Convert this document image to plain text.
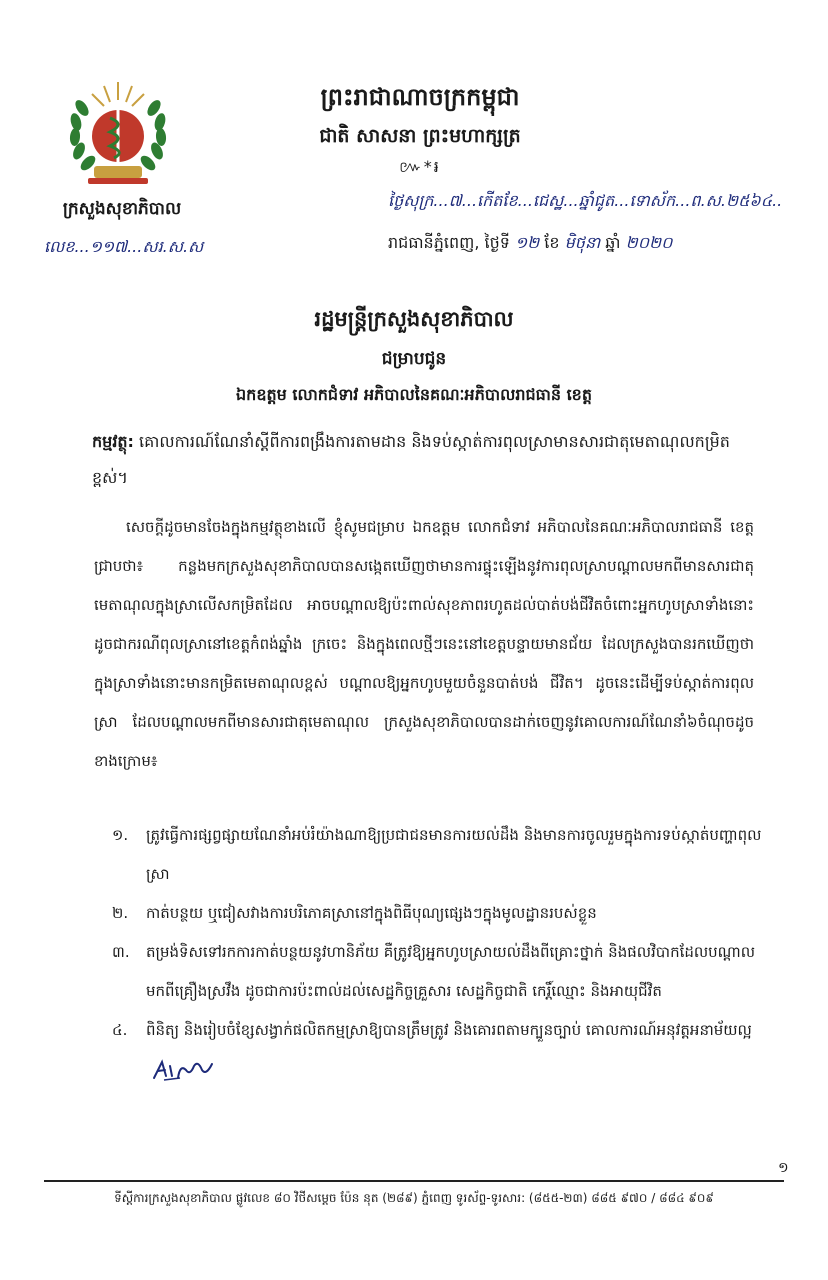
ក្រសួងសុខាភិបាល
លេខ...១១៧...សរ.ស.ស
ព្រះរាជាណាចក្រកម្ពុជា
ជាតិ សាសនា ព្រះមហាក្សត្រ
៚*៛
ថ្ងៃសុក្រ...៧...កើតខែ...ជេស្ឋ...ឆ្នាំជូត...ទោស័ក...ព.ស.២៥៦៤..
រាជធានីភ្នំពេញ, ថ្ងៃទី ១២ ខែ មិថុនា ឆ្នាំ ២០២០
រដ្ឋមន្ត្រីក្រសួងសុខាភិបាល
ជម្រាបជូន
ឯកឧត្តម លោកជំទាវ អភិបាលនៃគណៈអភិបាលរាជធានី ខេត្ត
កម្មវត្ថុ: គោលការណ៍ណែនាំស្តីពីការពង្រឹងការតាមដាន និងទប់ស្កាត់ការពុលស្រាមានសារជាតុមេតាណុលកម្រិតខ្ពស់។

សេចក្តីដូចមានចែងក្នុងកម្មវត្ថុខាងលើ ខ្ញុំសូមជម្រាប ឯកឧត្តម លោកជំទាវ អភិបាលនៃគណៈអភិបាលរាជធានី ខេត្ត ជ្រាបថា៖ កន្លងមកក្រសួងសុខាភិបាលបានសង្កេតឃើញថាមានការផ្ទុះឡើងនូវការពុលស្រាបណ្តាលមកពីមានសារជាតុមេតាណុលក្នុងស្រាលើសកម្រិតដែល អាចបណ្តាលឱ្យប៉ះពាល់សុខភាពរហូតដល់បាត់បង់ជីវិតចំពោះអ្នកហូបស្រាទាំងនោះ ដូចជាករណីពុលស្រានៅខេត្តកំពង់ឆ្នាំង ក្រចេះ និងក្នុងពេលថ្មីៗនេះនៅខេត្តបន្ទាយមានជ័យ ដែលក្រសួងបានរកឃើញថាក្នុងស្រាទាំងនោះមានកម្រិតមេតាណុលខ្ពស់ បណ្តាលឱ្យអ្នកហូបមួយចំនួនបាត់បង់ ជីវិត។ ដូចនេះដើម្បីទប់ស្កាត់ការពុលស្រា ដែលបណ្តាលមកពីមានសារជាតុមេតាណុល ក្រសួងសុខាភិបាលបានដាក់ចេញនូវគោលការណ៍ណែនាំ៦ចំណុចដូចខាងក្រោម៖

១.	ត្រូវធ្វើការផ្សព្វផ្សាយណែនាំអប់រំយ៉ាងណាឱ្យប្រជាជនមានការយល់ដឹង និងមានការចូលរួមក្នុងការទប់ស្កាត់បញ្ហាពុលស្រា
២.	កាត់បន្ថយ ឬជៀសវាងការបរិភោគស្រានៅក្នុងពិធីបុណ្យផ្សេងៗក្នុងមូលដ្ឋានរបស់ខ្លួន
៣.	តម្រង់ទិសទៅរកការកាត់បន្ថយនូវហានិភ័យ គឺត្រូវឱ្យអ្នកហូបស្រាយល់ដឹងពីគ្រោះថ្នាក់ និងផលវិបាកដែលបណ្តាលមកពីគ្រឿងស្រវឹង ដូចជាការប៉ះពាល់ដល់សេដ្ឋកិច្ចគ្រួសារ សេដ្ឋកិច្ចជាតិ កេរ្តិ៍ឈ្មោះ និងអាយុជីវិត
៤.	ពិនិត្យ និងរៀបចំខ្សែសង្វាក់ផលិតកម្មស្រាឱ្យបានត្រឹមត្រូវ និងគោរពតាមក្បួនច្បាប់ គោលការណ៍អនុវត្តអនាម័យល្អ
១
ទីស្តីការក្រសួងសុខាភិបាល ផ្លូវលេខ ៨០ វិថីសម្តេច ប៉ែន នុត (២៨៩) ភ្នំពេញ ទូរស័ព្ទ-ទូរសារ: (៨៥៥-២៣) ៨៨៥ ៩៧០ / ៨៨៤ ៩០៩
